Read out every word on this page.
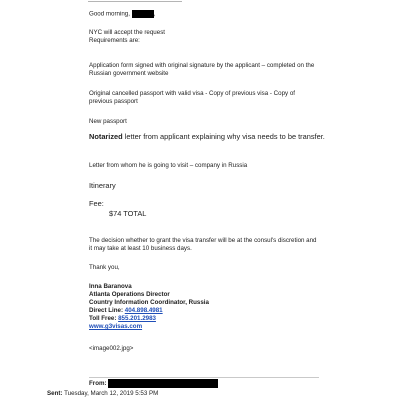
Good morning,	,
NYC will accept the request
Requirements are:
Application form signed with original signature by the applicant – completed on the Russian government website
Original cancelled passport with valid visa - Copy of previous visa - Copy of previous passport
New passport
Notarized letter from applicant explaining why visa needs to be transfer.
Letter from whom he is going to visit – company in Russia
Itinerary
Fee:
$74 TOTAL
The decision whether to grant the visa transfer will be at the consul's discretion and it may take at least 10 business days.
Thank you,
Inna Baranova
Atlanta Operations Director
Country Information Coordinator, Russia
Direct Line: 404.898.4981
Toll Free: 855.201.2983
www.g3visas.com
<image002.jpg>
From:
Sent: Tuesday, March 12, 2019 5:53 PM
